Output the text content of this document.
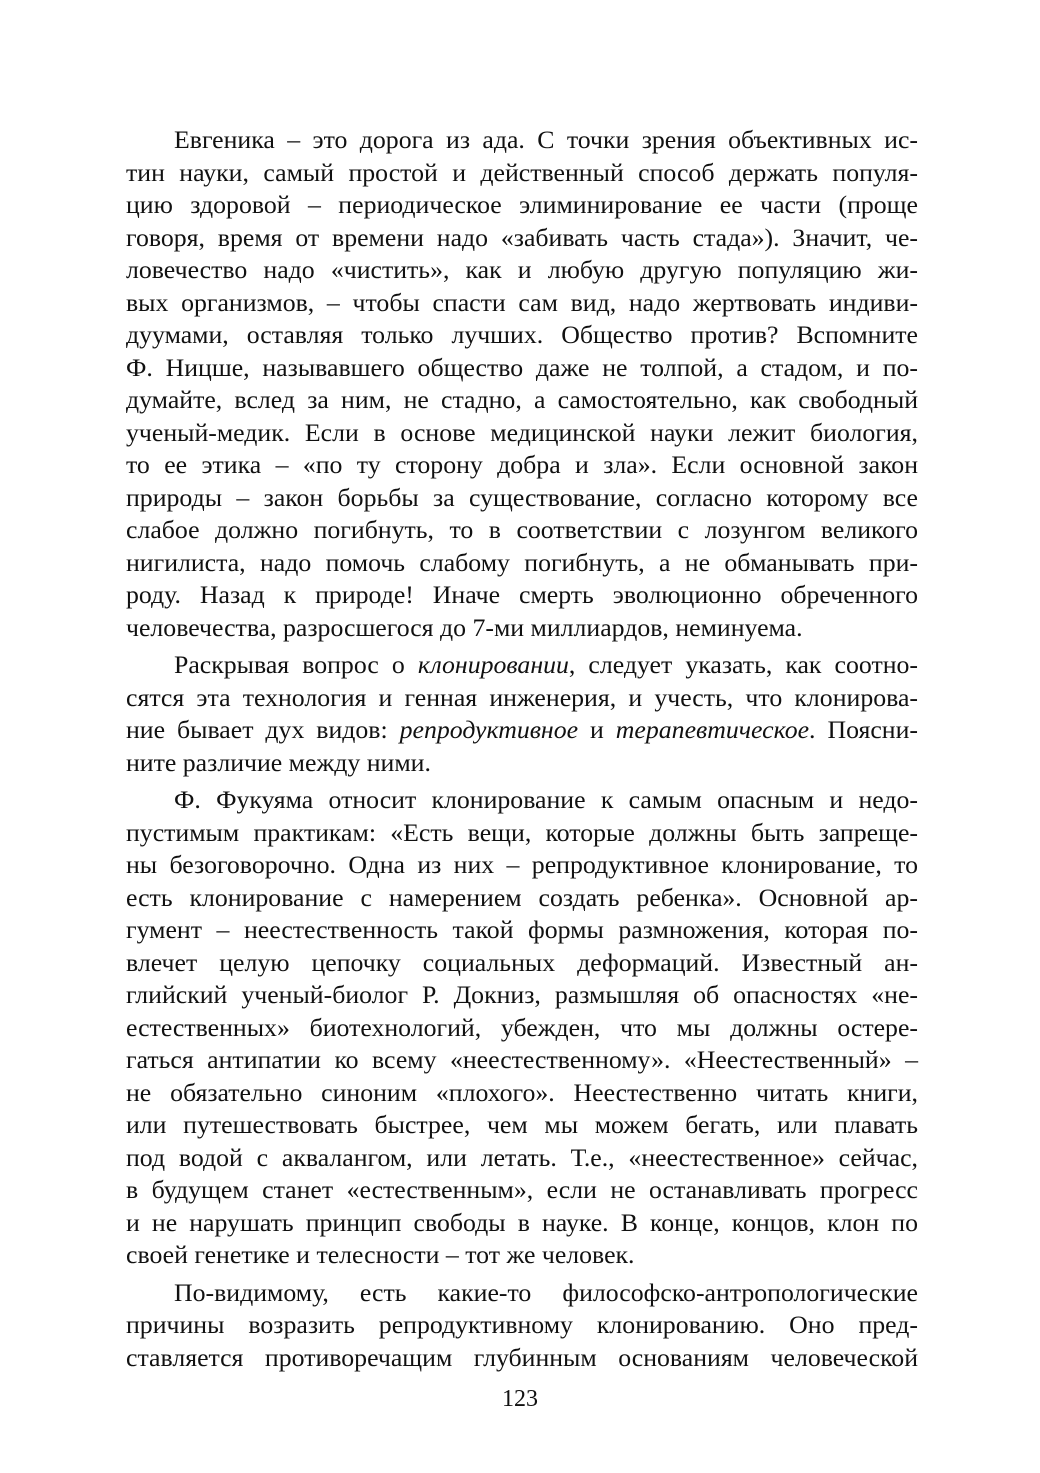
Евгеника – это дорога из ада. С точки зрения объективных ис-
тин науки, самый простой и действенный способ держать популя-
цию здоровой – периодическое элиминирование ее части (проще
говоря, время от времени надо «забивать часть стада»). Значит, че-
ловечество надо «чистить», как и любую другую популяцию жи-
вых организмов, – чтобы спасти сам вид, надо жертвовать индиви-
дуумами, оставляя только лучших. Общество против? Вспомните
Ф. Ницше, называвшего общество даже не толпой, а стадом, и по-
думайте, вслед за ним, не стадно, а самостоятельно, как свободный
ученый-медик. Если в основе медицинской науки лежит биология,
то ее этика – «по ту сторону добра и зла». Если основной закон
природы – закон борьбы за существование, согласно которому все
слабое должно погибнуть, то в соответствии с лозунгом великого
нигилиста, надо помочь слабому погибнуть, а не обманывать при-
роду. Назад к природе! Иначе смерть эволюционно обреченного
человечества, разросшегося до 7-ми миллиардов, неминуема.

Раскрывая вопрос о клонировании, следует указать, как соотно-
сятся эта технология и генная инженерия, и учесть, что клонирова-
ние бывает дух видов: репродуктивное и терапевтическое. Поясни-
ните различие между ними.

Ф. Фукуяма относит клонирование к самым опасным и недо-
пустимым практикам: «Есть вещи, которые должны быть запреще-
ны безоговорочно. Одна из них – репродуктивное клонирование, то
есть клонирование с намерением создать ребенка». Основной ар-
гумент – неестественность такой формы размножения, которая по-
влечет целую цепочку социальных деформаций. Известный ан-
глийский ученый-биолог Р. Докниз, размышляя об опасностях «не-
естественных» биотехнологий, убежден, что мы должны остере-
гаться антипатии ко всему «неестественному». «Неестественный» –
не обязательно синоним «плохого». Неестественно читать книги,
или путешествовать быстрее, чем мы можем бегать, или плавать
под водой с аквалангом, или летать. Т.е., «неестественное» сейчас,
в будущем станет «естественным», если не останавливать прогресс
и не нарушать принцип свободы в науке. В конце, концов, клон по
своей генетике и телесности – тот же человек.

По-видимому, есть какие-то философско-антропологические
причины возразить репродуктивному клонированию. Оно пред-
ставляется противоречащим глубинным основаниям человеческой

123
